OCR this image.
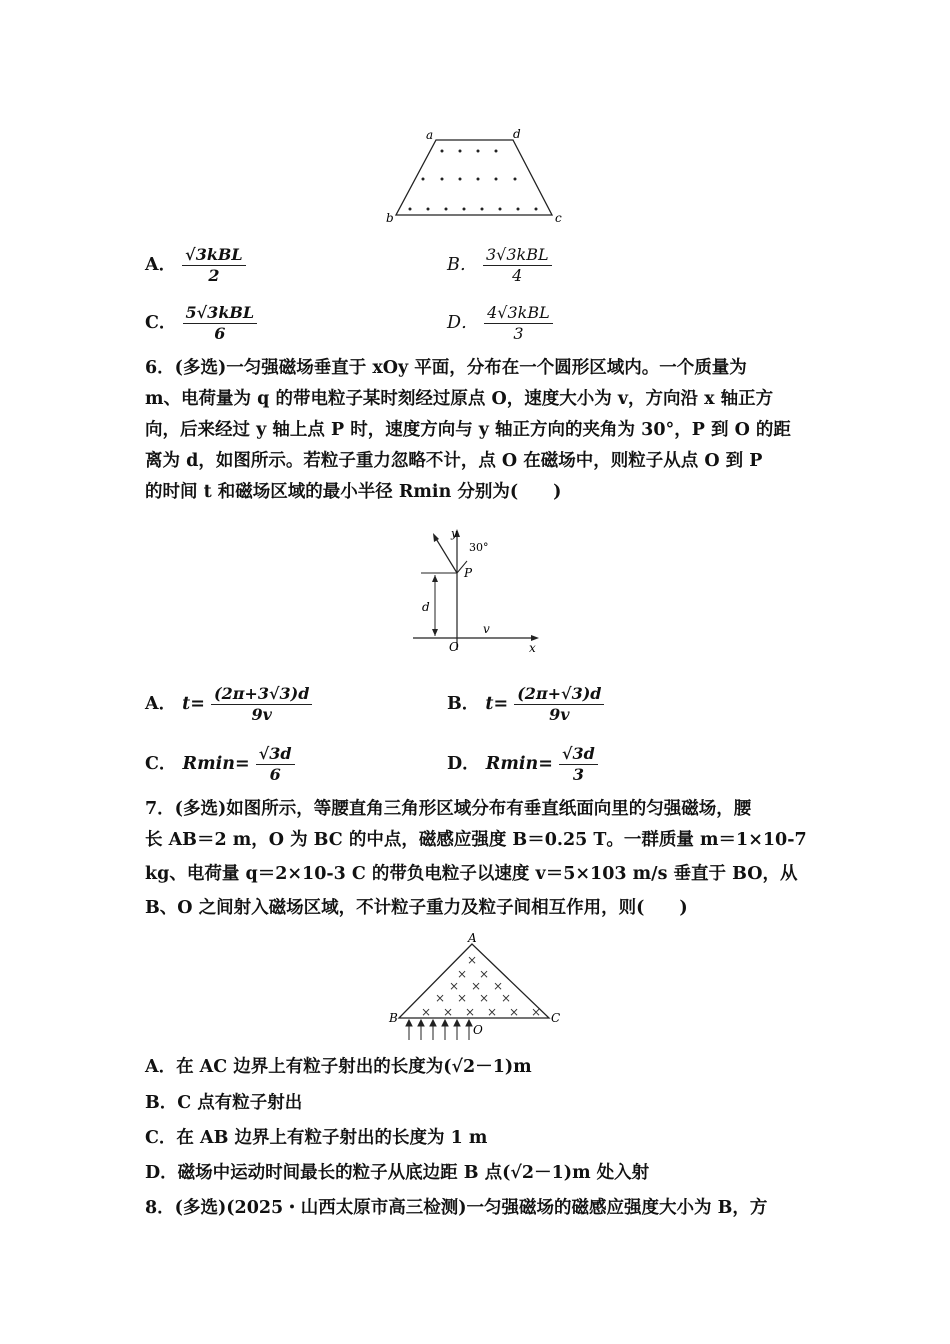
a	d
b	c
A． $\frac{\text{√3kBL}}{2}$	B． $\frac{\text{3√3kBL}}{4}$
C． $\frac{\text{5√3kBL}}{6}$	D． $\frac{\text{4√3kBL}}{3}$
6．(多选)一匀强磁场垂直于 xOy 平面，分布在一个圆形区域内。一个质量为
m、电荷量为 q 的带电粒子某时刻经过原点 O，速度大小为 v，方向沿 x 轴正方
向，后来经过 y 轴上点 P 时，速度方向与 y 轴正方向的夹角为 30°，P 到 O 的距
离为 d，如图所示。若粒子重力忽略不计，点 O 在磁场中，则粒子从点 O 到 P
的时间 t 和磁场区域的最小半径 Rmin 分别为(　　)
y
30°
P
d
O
v
x
A． $t= \frac{(2\pi+3√3)d}{9v}$	B． $t= \frac{(2\pi+√3)d}{9v}$
C． $Rmin= \frac{√3d}{6}$	D． $Rmin= \frac{√3d}{3}$
7．(多选)如图所示，等腰直角三角形区域分布有垂直纸面向里的匀强磁场，腰
长 AB＝2 m，O 为 BC 的中点，磁感应强度 B＝0.25 T。一群质量 m＝1×10-7
kg、电荷量 q＝2×10-3 C 的带负电粒子以速度 v＝5×103 m/s 垂直于 BO，从
B、O 之间射入磁场区域，不计粒子重力及粒子间相互作用，则(　　)
×
× ×
× × ×
× × × ×
× × × × × ×
A
B	C
O
A．在 AC 边界上有粒子射出的长度为(√2－1)m
B．C 点有粒子射出
C．在 AB 边界上有粒子射出的长度为 1 m
D．磁场中运动时间最长的粒子从底边距 B 点(√2－1)m 处入射
8．(多选)(2025・山西太原市高三检测)一匀强磁场的磁感应强度大小为 B，方
